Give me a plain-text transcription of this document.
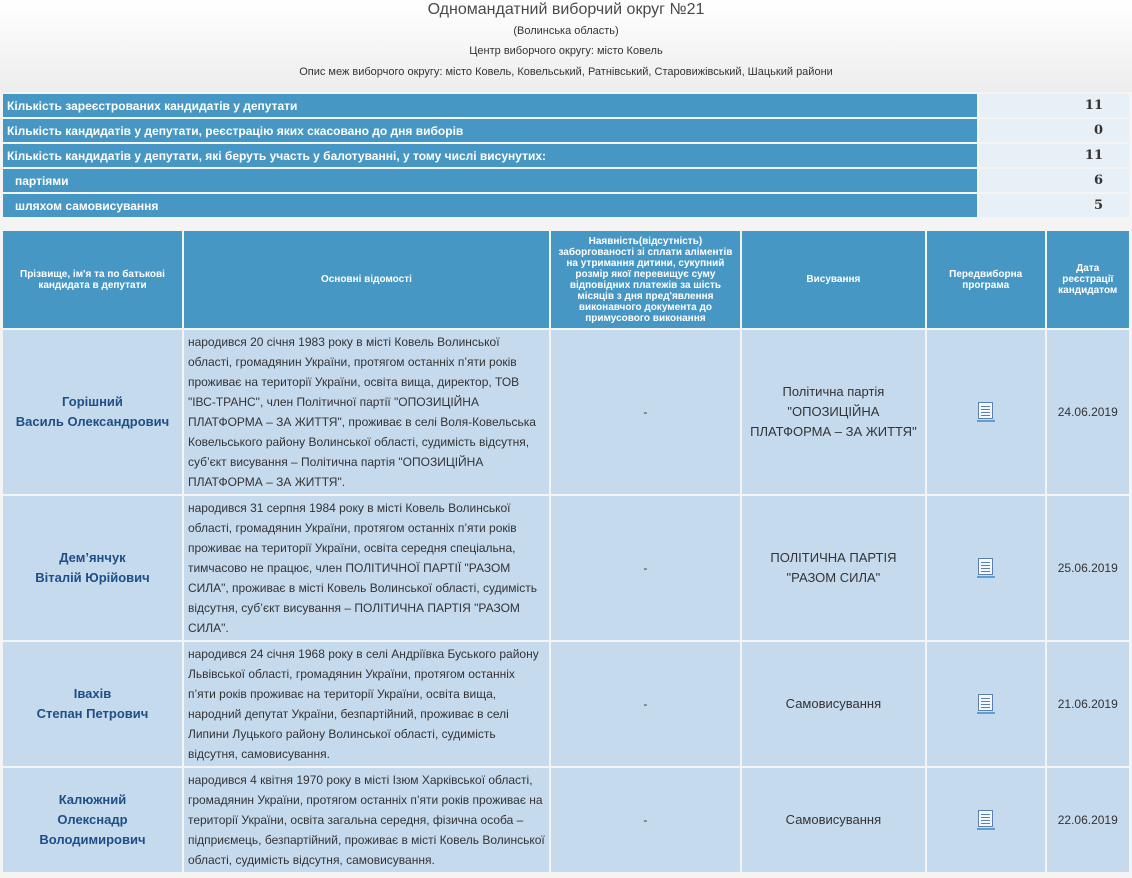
Одномандатний виборчий округ №21
(Волинська область)
Центр виборчого округу: місто Ковель
Опис меж виборчого округу: місто Ковель, Ковельський, Ратнівський, Старовижівський, Шацький райони
Кількість зареєстрованих кандидатів у депутати	11
Кількість кандидатів у депутати, реєстрацію яких скасовано до дня виборів	0
Кількість кандидатів у депутати, які беруть участь у балотуванні, у тому числі висунутих:	11
партіями	6
шляхом самовисування	5
Прізвище, ім'я та по батькові кандидата в депутати	Основні відомості	Наявність(відсутність) заборгованості зі сплати аліментів на утримання дитини, сукупний розмір якої перевищує суму відповідних платежів за шість місяців з дня пред'явлення виконавчого документа до примусового виконання	Висування	Передвиборна програма	Дата реєстрації кандидатом
Горішний
Василь Олександрович	народився 20 січня 1983 року в місті Ковель Волинської області, громадянин України, протягом останніх п’яти років проживає на території України, освіта вища, директор, ТОВ "ІВС-ТРАНС", член Політичної партії "ОПОЗИЦІЙНА ПЛАТФОРМА – ЗА ЖИТТЯ", проживає в селі Воля-Ковельська Ковельського району Волинської області, судимість відсутня, суб’єкт висування – Політична партія "ОПОЗИЦІЙНА ПЛАТФОРМА – ЗА ЖИТТЯ".	-	Політична партія "ОПОЗИЦІЙНА ПЛАТФОРМА – ЗА ЖИТТЯ"		24.06.2019
Дем’янчук
Віталій Юрійович	народився 31 серпня 1984 року в місті Ковель Волинської області, громадянин України, протягом останніх п’яти років проживає на території України, освіта середня спеціальна, тимчасово не працює, член ПОЛІТИЧНОЇ ПАРТІЇ "РАЗОМ СИЛА", проживає в місті Ковель Волинської області, судимість відсутня, суб’єкт висування – ПОЛІТИЧНА ПАРТІЯ "РАЗОМ СИЛА".	-	ПОЛІТИЧНА ПАРТІЯ "РАЗОМ СИЛА"		25.06.2019
Івахів
Степан Петрович	народився 24 січня 1968 року в селі Андріївка Буського району Львівської області, громадянин України, протягом останніх п’яти років проживає на території України, освіта вища, народний депутат України, безпартійний, проживає в селі Липини Луцького району Волинської області, судимість відсутня, самовисування.	-	Самовисування		21.06.2019
Калюжний
Олекснадр Володимирович	народився 4 квітня 1970 року в місті Ізюм Харківської області, громадянин України, протягом останніх п’яти років проживає на території України, освіта загальна середня, фізична особа – підприємець, безпартійний, проживає в місті Ковель Волинської області, судимість відсутня, самовисування.	-	Самовисування		22.06.2019
